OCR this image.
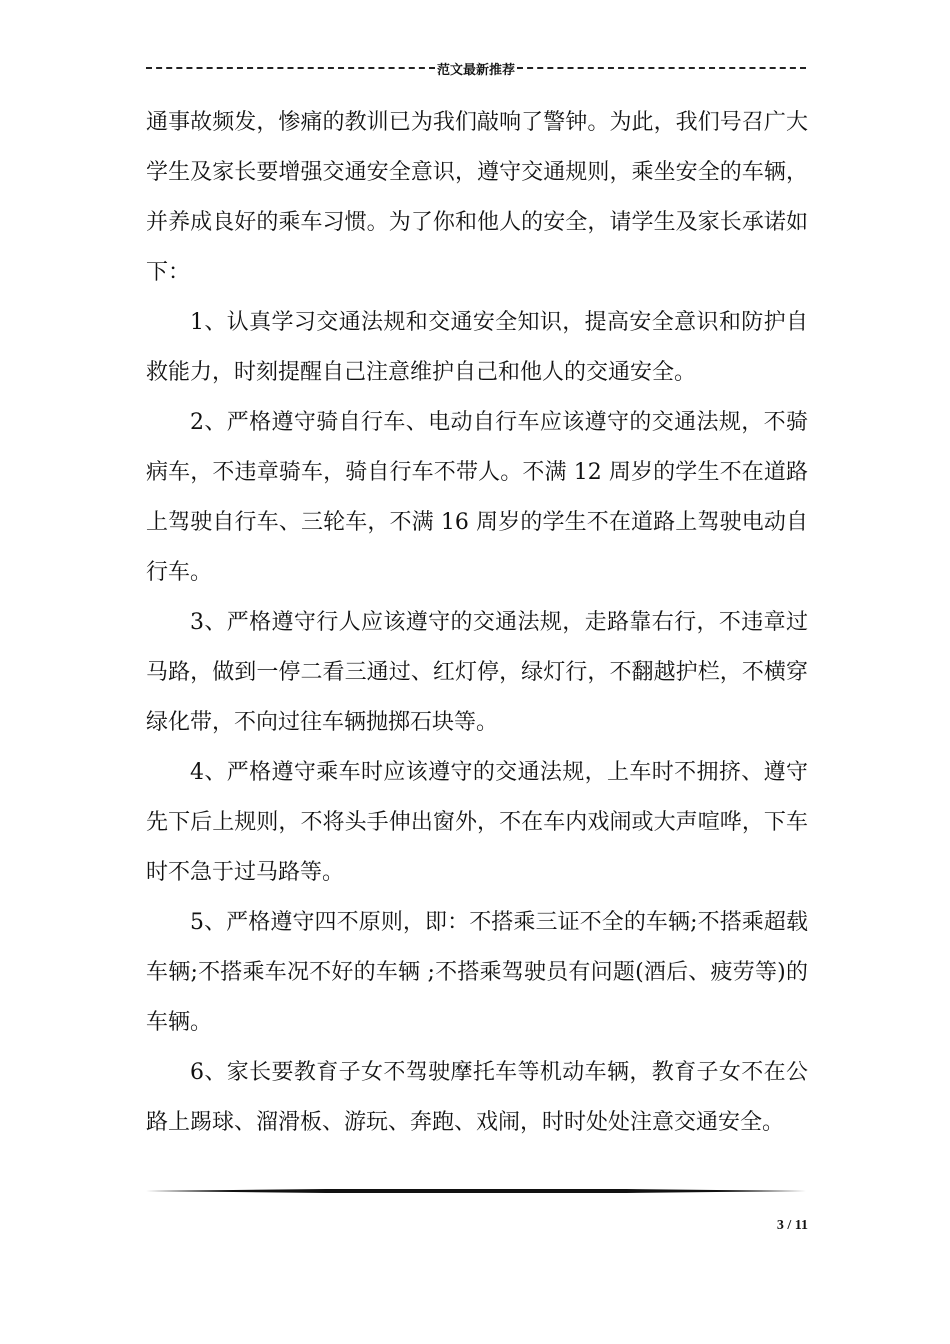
范文最新推荐

通事故频发，惨痛的教训已为我们敲响了警钟。为此，我们号召广大学生及家长要增强交通安全意识，遵守交通规则，乘坐安全的车辆，并养成良好的乘车习惯。为了你和他人的安全，请学生及家长承诺如下：

1、认真学习交通法规和交通安全知识，提高安全意识和防护自救能力，时刻提醒自己注意维护自己和他人的交通安全。

2、严格遵守骑自行车、电动自行车应该遵守的交通法规，不骑病车，不违章骑车，骑自行车不带人。不满 12 周岁的学生不在道路上驾驶自行车、三轮车，不满 16 周岁的学生不在道路上驾驶电动自行车。

3、严格遵守行人应该遵守的交通法规，走路靠右行，不违章过马路，做到一停二看三通过、红灯停，绿灯行，不翻越护栏，不横穿绿化带，不向过往车辆抛掷石块等。

4、严格遵守乘车时应该遵守的交通法规，上车时不拥挤、遵守先下后上规则，不将头手伸出窗外，不在车内戏闹或大声喧哗，下车时不急于过马路等。

5、严格遵守四不原则，即：不搭乘三证不全的车辆;不搭乘超载车辆;不搭乘车况不好的车辆 ;不搭乘驾驶员有问题(酒后、疲劳等)的车辆。

6、家长要教育子女不驾驶摩托车等机动车辆，教育子女不在公路上踢球、溜滑板、游玩、奔跑、戏闹，时时处处注意交通安全。

3 / 11
